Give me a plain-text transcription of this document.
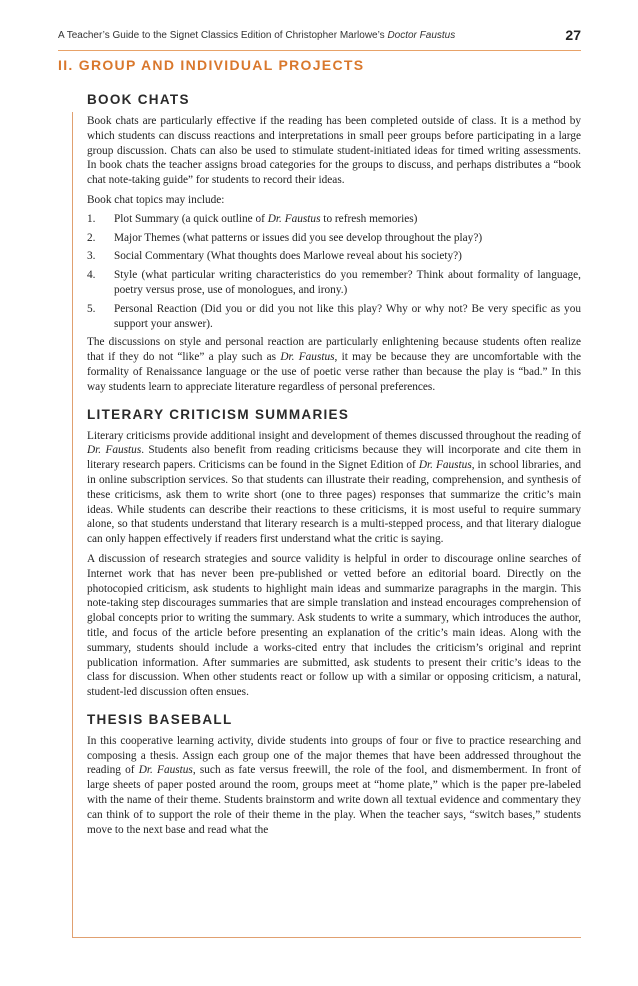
A Teacher’s Guide to the Signet Classics Edition of Christopher Marlowe’s Doctor Faustus	27
II. GROUP AND INDIVIDUAL PROJECTS
BOOK CHATS

Book chats are particularly effective if the reading has been completed outside of class. It is a method by which students can discuss reactions and interpretations in small peer groups before participating in a large group discussion. Chats can also be used to stimulate student-initiated ideas for timed writing assessments. In book chats the teacher assigns broad categories for the groups to discuss, and perhaps distributes a “book chat note-taking guide” for students to record their ideas.

Book chat topics may include:

1. Plot Summary (a quick outline of Dr. Faustus to refresh memories)
2. Major Themes (what patterns or issues did you see develop throughout the play?)
3. Social Commentary (What thoughts does Marlowe reveal about his society?)
4. Style (what particular writing characteristics do you remember? Think about formality of language, poetry versus prose, use of monologues, and irony.)
5. Personal Reaction (Did you or did you not like this play? Why or why not? Be very specific as you support your answer).

The discussions on style and personal reaction are particularly enlightening because students often realize that if they do not “like” a play such as Dr. Faustus, it may be because they are uncomfortable with the formality of Renaissance language or the use of poetic verse rather than because the play is “bad.” In this way students learn to appreciate literature regardless of personal preferences.

LITERARY CRITICISM SUMMARIES

Literary criticisms provide additional insight and development of themes discussed throughout the reading of Dr. Faustus. Students also benefit from reading criticisms because they will incorporate and cite them in literary research papers. Criticisms can be found in the Signet Edition of Dr. Faustus, in school libraries, and in online subscription services. So that students can illustrate their reading, comprehension, and synthesis of these criticisms, ask them to write short (one to three pages) responses that summarize the critic’s main ideas. While students can describe their reactions to these criticisms, it is most useful to require summary alone, so that students understand that literary research is a multi-stepped process, and that literary dialogue can only happen effectively if readers first understand what the critic is saying.

A discussion of research strategies and source validity is helpful in order to discourage online searches of Internet work that has never been pre-published or vetted before an editorial board. Directly on the photocopied criticism, ask students to highlight main ideas and summarize paragraphs in the margin. This note-taking step discourages summaries that are simple translation and instead encourages comprehension of global concepts prior to writing the summary. Ask students to write a summary, which introduces the author, title, and focus of the article before presenting an explanation of the critic’s main ideas. Along with the summary, students should include a works-cited entry that includes the criticism’s original and reprint publication information. After summaries are submitted, ask students to present their critic’s ideas to the class for discussion. When other students react or follow up with a similar or opposing criticism, a natural, student-led discussion often ensues.

THESIS BASEBALL

In this cooperative learning activity, divide students into groups of four or five to practice researching and composing a thesis. Assign each group one of the major themes that have been addressed throughout the reading of Dr. Faustus, such as fate versus freewill, the role of the fool, and dismemberment. In front of large sheets of paper posted around the room, groups meet at “home plate,” which is the paper pre-labeled with the name of their theme. Students brainstorm and write down all textual evidence and commentary they can think of to support the role of their theme in the play. When the teacher says, “switch bases,” students move to the next base and read what the
